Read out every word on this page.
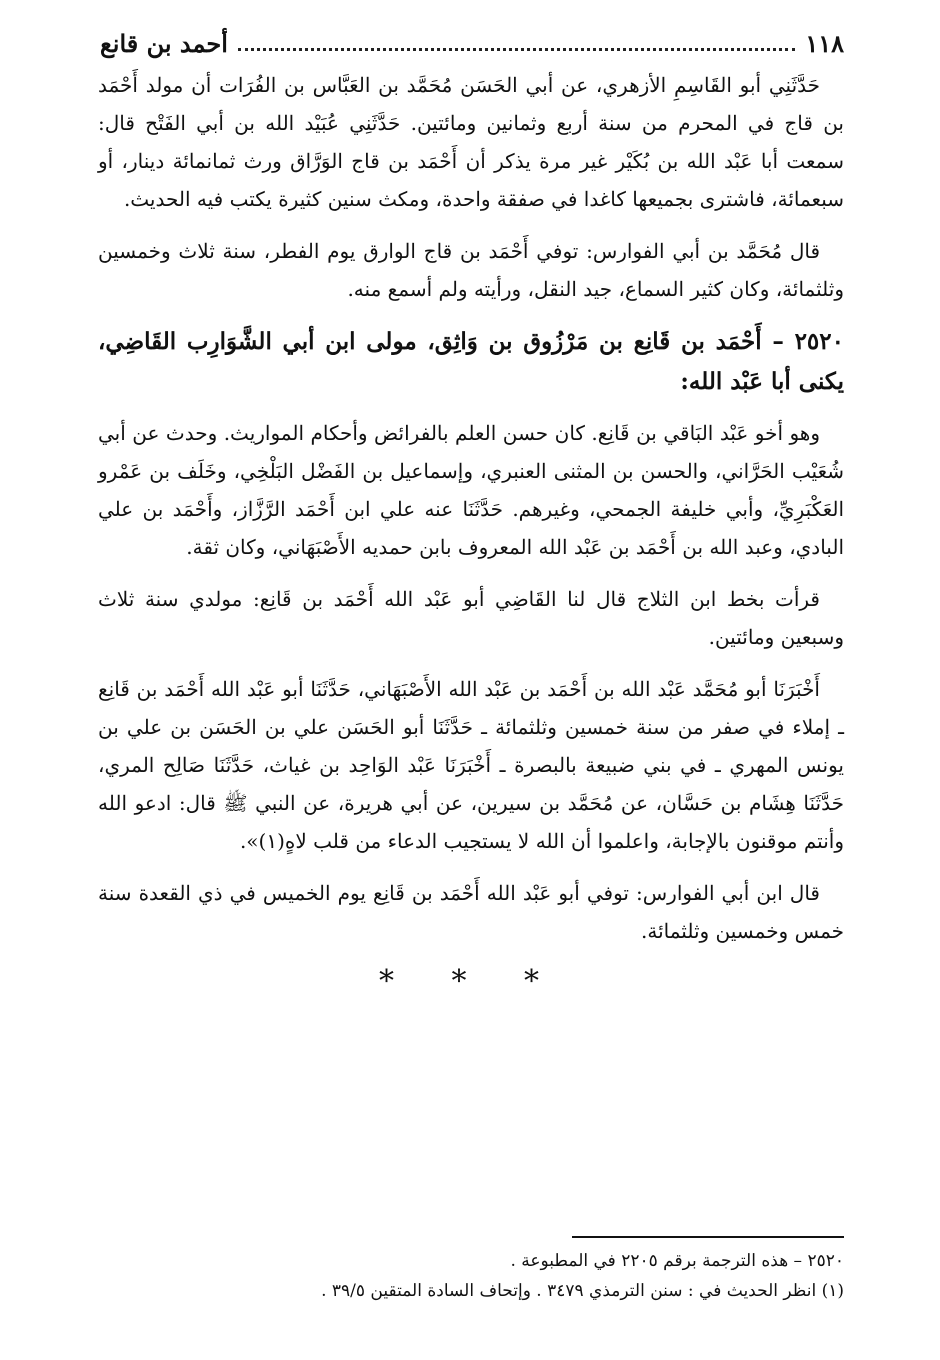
١١٨
أحمد بن قانع

حَدَّثَنِي أبو القَاسِمِ الأزهري، عن أبي الحَسَن مُحَمَّد بن العَبَّاس بن الفُرَات أن مولد أَحْمَد بن قاج في المحرم من سنة أربع وثمانين ومائتين. حَدَّثَنِي عُبَيْد الله بن أبي الفَتْح قال: سمعت أبا عَبْد الله بن بُكَيْر غير مرة يذكر أن أَحْمَد بن قاج الوَرَّاق ورث ثمانمائة دينار، أو سبعمائة، فاشترى بجميعها كاغدا في صفقة واحدة، ومكث سنين كثيرة يكتب فيه الحديث.

قال مُحَمَّد بن أبي الفوارس: توفي أَحْمَد بن قاج الوارق يوم الفطر، سنة ثلاث وخمسين وثلثمائة، وكان كثير السماع، جيد النقل، ورأيته ولم أسمع منه.

٢٥٢٠ – أَحْمَد بن قَانِع بن مَرْزُوق بن وَاثِق، مولى ابن أبي الشَّوَارِب القَاضِي، يكنى أبا عَبْد الله:

وهو أخو عَبْد البَاقي بن قَانِع. كان حسن العلم بالفرائض وأحكام المواريث. وحدث عن أبي شُعَيْب الحَرَّاني، والحسن بن المثنى العنبري، وإسماعيل بن الفَضْل البَلْخِي، وخَلَف بن عَمْرو العَكْبَرِيِّ، وأبي خليفة الجمحي، وغيرهم. حَدَّثَنَا عنه علي ابن أَحْمَد الرَّزَّاز، وأَحْمَد بن علي البادي، وعبد الله بن أَحْمَد بن عَبْد الله المعروف بابن حمديه الأَصْبَهَاني، وكان ثقة.

قرأت بخط ابن الثلاج قال لنا القَاضِي أبو عَبْد الله أَحْمَد بن قَانِع: مولدي سنة ثلاث وسبعين ومائتين.

أَخْبَرَنَا أبو مُحَمَّد عَبْد الله بن أَحْمَد بن عَبْد الله الأَصْبَهَاني، حَدَّثَنَا أبو عَبْد الله أَحْمَد بن قَانِع ـ إملاء في صفر من سنة خمسين وثلثمائة ـ حَدَّثَنَا أبو الحَسَن علي بن الحَسَن بن علي بن يونس المهري ـ في بني ضبيعة بالبصرة ـ أَخْبَرَنَا عَبْد الوَاحِد بن غياث، حَدَّثَنَا صَالِح المري، حَدَّثَنَا هِشَام بن حَسَّان، عن مُحَمَّد بن سيرين، عن أبي هريرة، عن النبي ﷺ قال: ادعو الله وأنتم موقنون بالإجابة، واعلموا أن الله لا يستجيب الدعاء من قلب لاهٍ(١)».

قال ابن أبي الفوارس: توفي أبو عَبْد الله أَحْمَد بن قَانِع يوم الخميس في ذي القعدة سنة خمس وخمسين وثلثمائة.

* * *
٢٥٢٠ – هذه الترجمة برقم ٢٢٠٥ في المطبوعة .
(١) انظر الحديث في : سنن الترمذي ٣٤٧٩ . وإتحاف السادة المتقين ٣٩/٥ .
